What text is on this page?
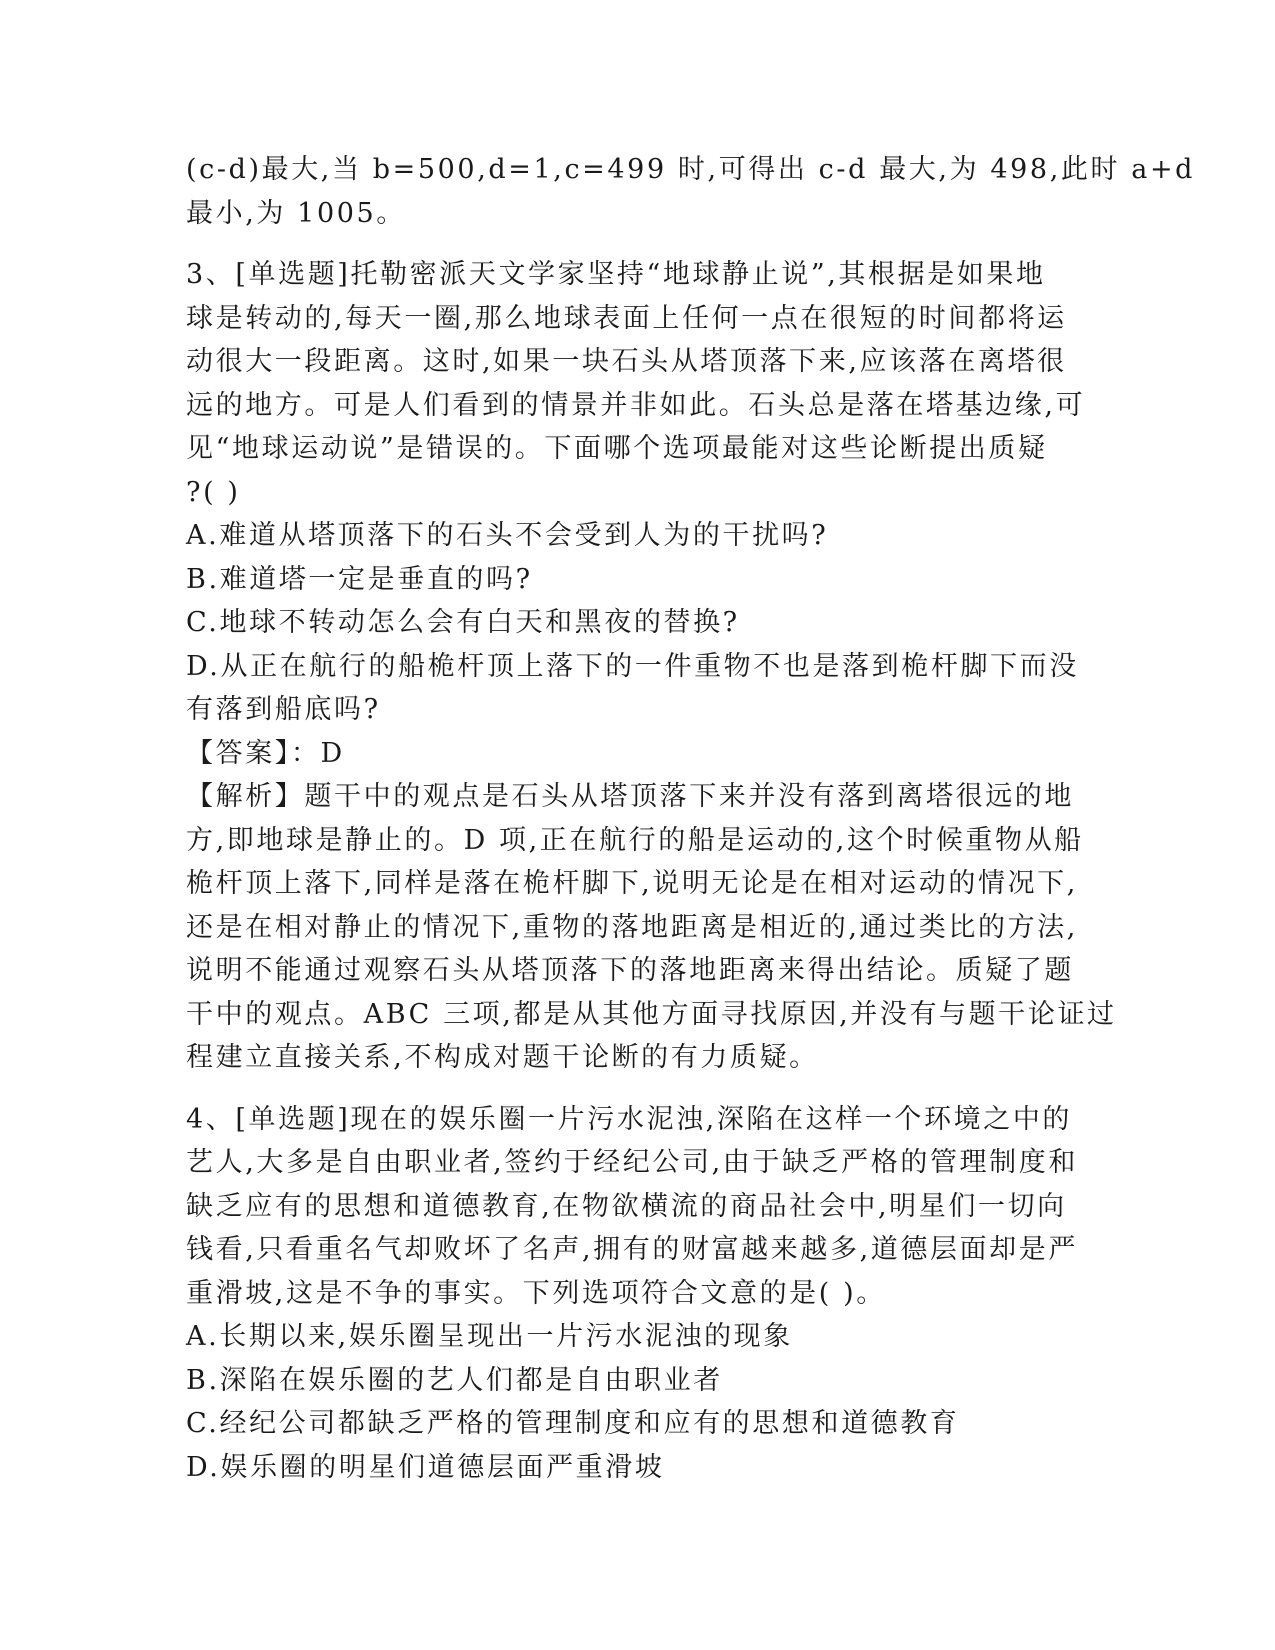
(c-d)最大,当 b=500,d=1,c=499 时,可得出 c-d 最大,为 498,此时 a+d

最小,为 1005。

3、[单选题]托勒密派天文学家坚持“地球静止说”,其根据是如果地

球是转动的,每天一圈,那么地球表面上任何一点在很短的时间都将运

动很大一段距离。这时,如果一块石头从塔顶落下来,应该落在离塔很

远的地方。可是人们看到的情景并非如此。石头总是落在塔基边缘,可

见“地球运动说”是错误的。下面哪个选项最能对这些论断提出质疑

?( )

A.难道从塔顶落下的石头不会受到人为的干扰吗?

B.难道塔一定是垂直的吗?

C.地球不转动怎么会有白天和黑夜的替换?

D.从正在航行的船桅杆顶上落下的一件重物不也是落到桅杆脚下而没

有落到船底吗?

【答案】：D

【解析】题干中的观点是石头从塔顶落下来并没有落到离塔很远的地

方,即地球是静止的。D 项,正在航行的船是运动的,这个时候重物从船

桅杆顶上落下,同样是落在桅杆脚下,说明无论是在相对运动的情况下,

还是在相对静止的情况下,重物的落地距离是相近的,通过类比的方法,

说明不能通过观察石头从塔顶落下的落地距离来得出结论。质疑了题

干中的观点。ABC 三项,都是从其他方面寻找原因,并没有与题干论证过

程建立直接关系,不构成对题干论断的有力质疑。

4、[单选题]现在的娱乐圈一片污水泥浊,深陷在这样一个环境之中的

艺人,大多是自由职业者,签约于经纪公司,由于缺乏严格的管理制度和

缺乏应有的思想和道德教育,在物欲横流的商品社会中,明星们一切向

钱看,只看重名气却败坏了名声,拥有的财富越来越多,道德层面却是严

重滑坡,这是不争的事实。下列选项符合文意的是( )。

A.长期以来,娱乐圈呈现出一片污水泥浊的现象

B.深陷在娱乐圈的艺人们都是自由职业者

C.经纪公司都缺乏严格的管理制度和应有的思想和道德教育

D.娱乐圈的明星们道德层面严重滑坡
